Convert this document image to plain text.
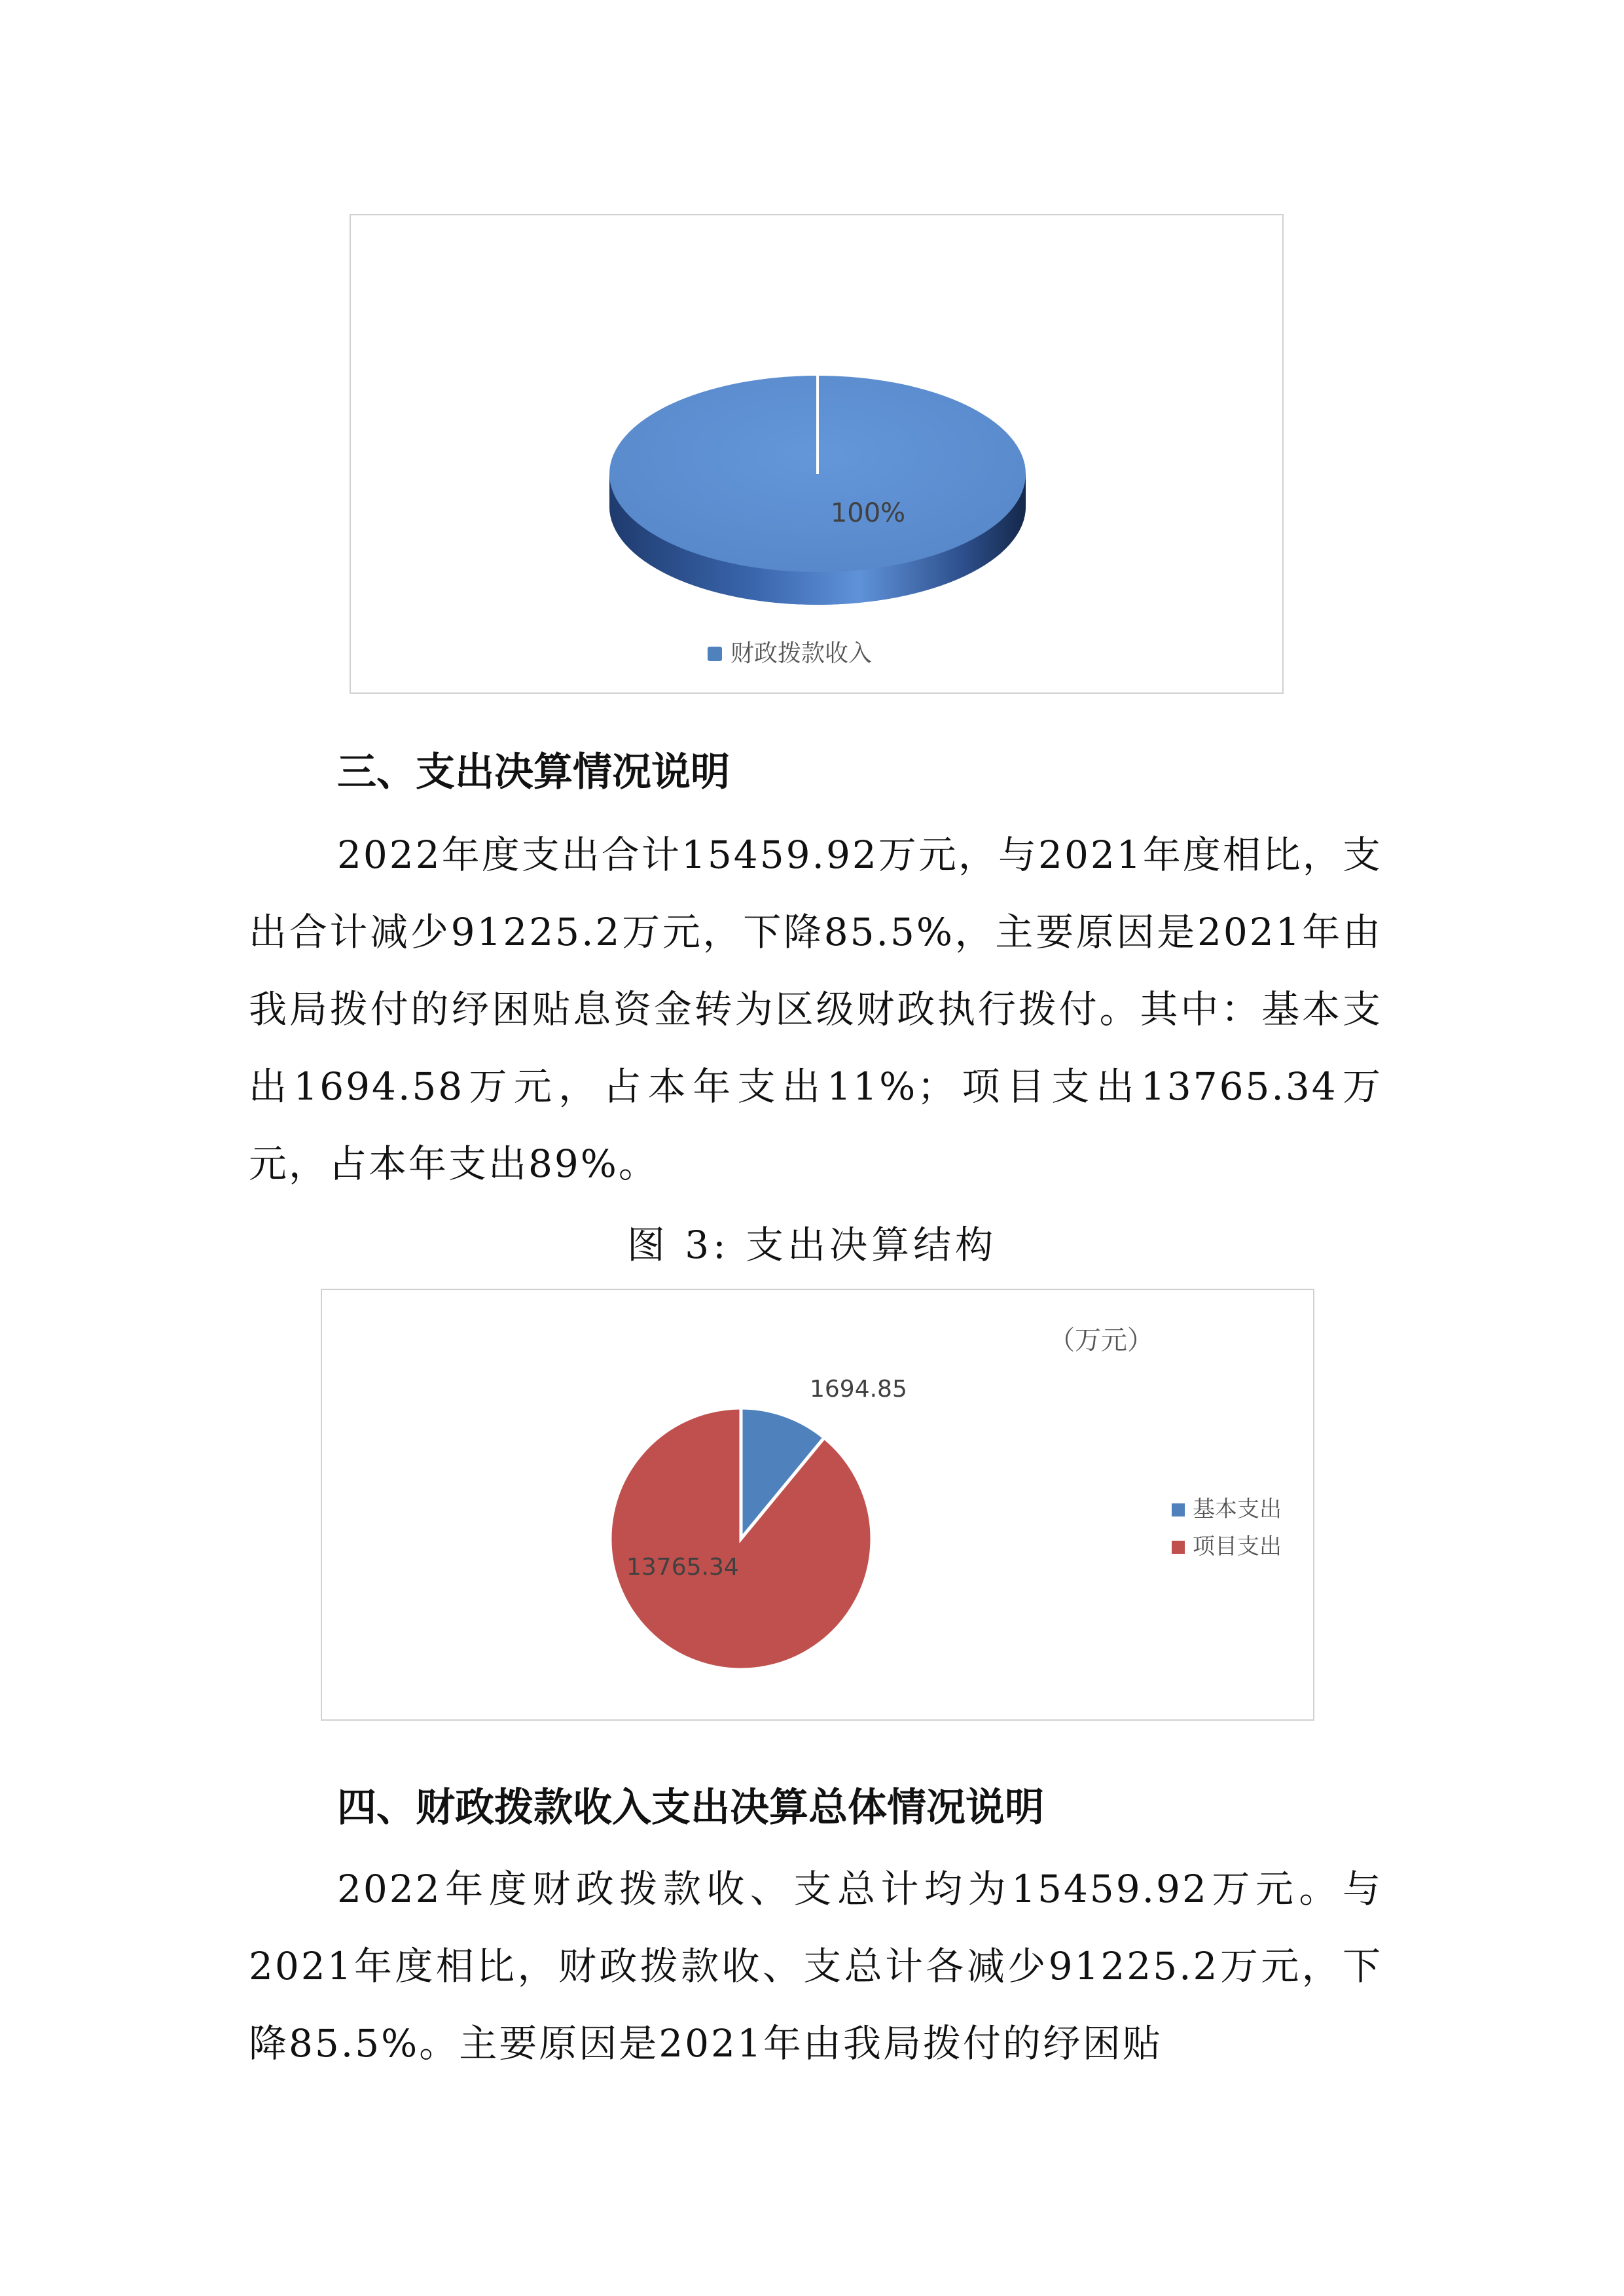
100%
财政拨款收入
三、支出决算情况说明

2022年度支出合计15459.92万元，与2021年度相比，支出合计减少91225.2万元，下降85.5%，主要原因是2021年由我局拨付的纾困贴息资金转为区级财政执行拨付。其中：基本支出1694.58万元，占本年支出11%；项目支出13765.34万元，占本年支出89%。

图 3: 支出决算结构

（万元）
1694.85
13765.34
基本支出
项目支出
四、财政拨款收入支出决算总体情况说明

2022年度财政拨款收、支总计均为15459.92万元。与2021年度相比，财政拨款收、支总计各减少91225.2万元，下降85.5%。主要原因是2021年由我局拨付的纾困贴
